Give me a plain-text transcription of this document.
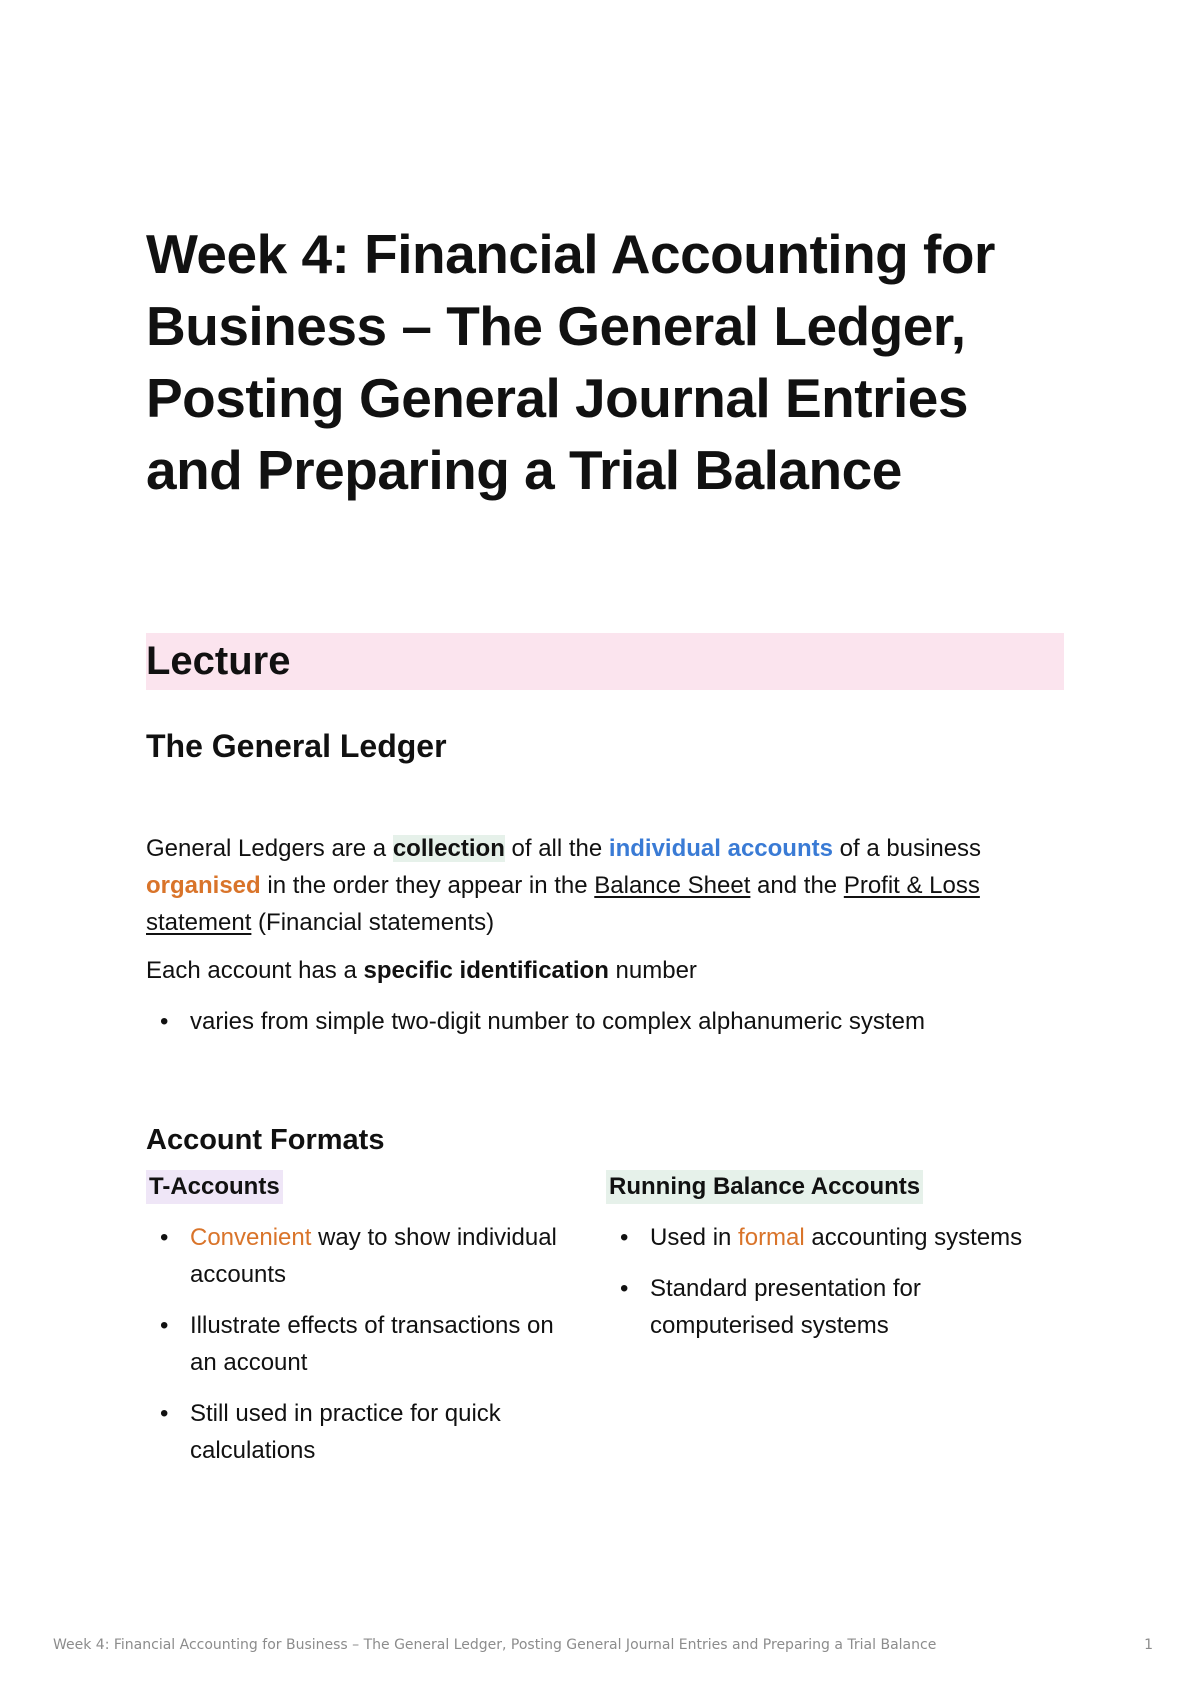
Week 4: Financial Accounting for Business – The General Ledger, Posting General Journal Entries and Preparing a Trial Balance
Lecture
The General Ledger

General Ledgers are a collection of all the individual accounts of a business organised in the order they appear in the Balance Sheet and the Profit & Loss statement (Financial statements)

Each account has a specific identification number

• varies from simple two-digit number to complex alphanumeric system
Account Formats
T-Accounts
• Convenient way to show individual accounts
• Illustrate effects of transactions on an account
• Still used in practice for quick calculations
Running Balance Accounts
• Used in formal accounting systems
• Standard presentation for computerised systems
Week 4: Financial Accounting for Business – The General Ledger, Posting General Journal Entries and Preparing a Trial Balance	1
